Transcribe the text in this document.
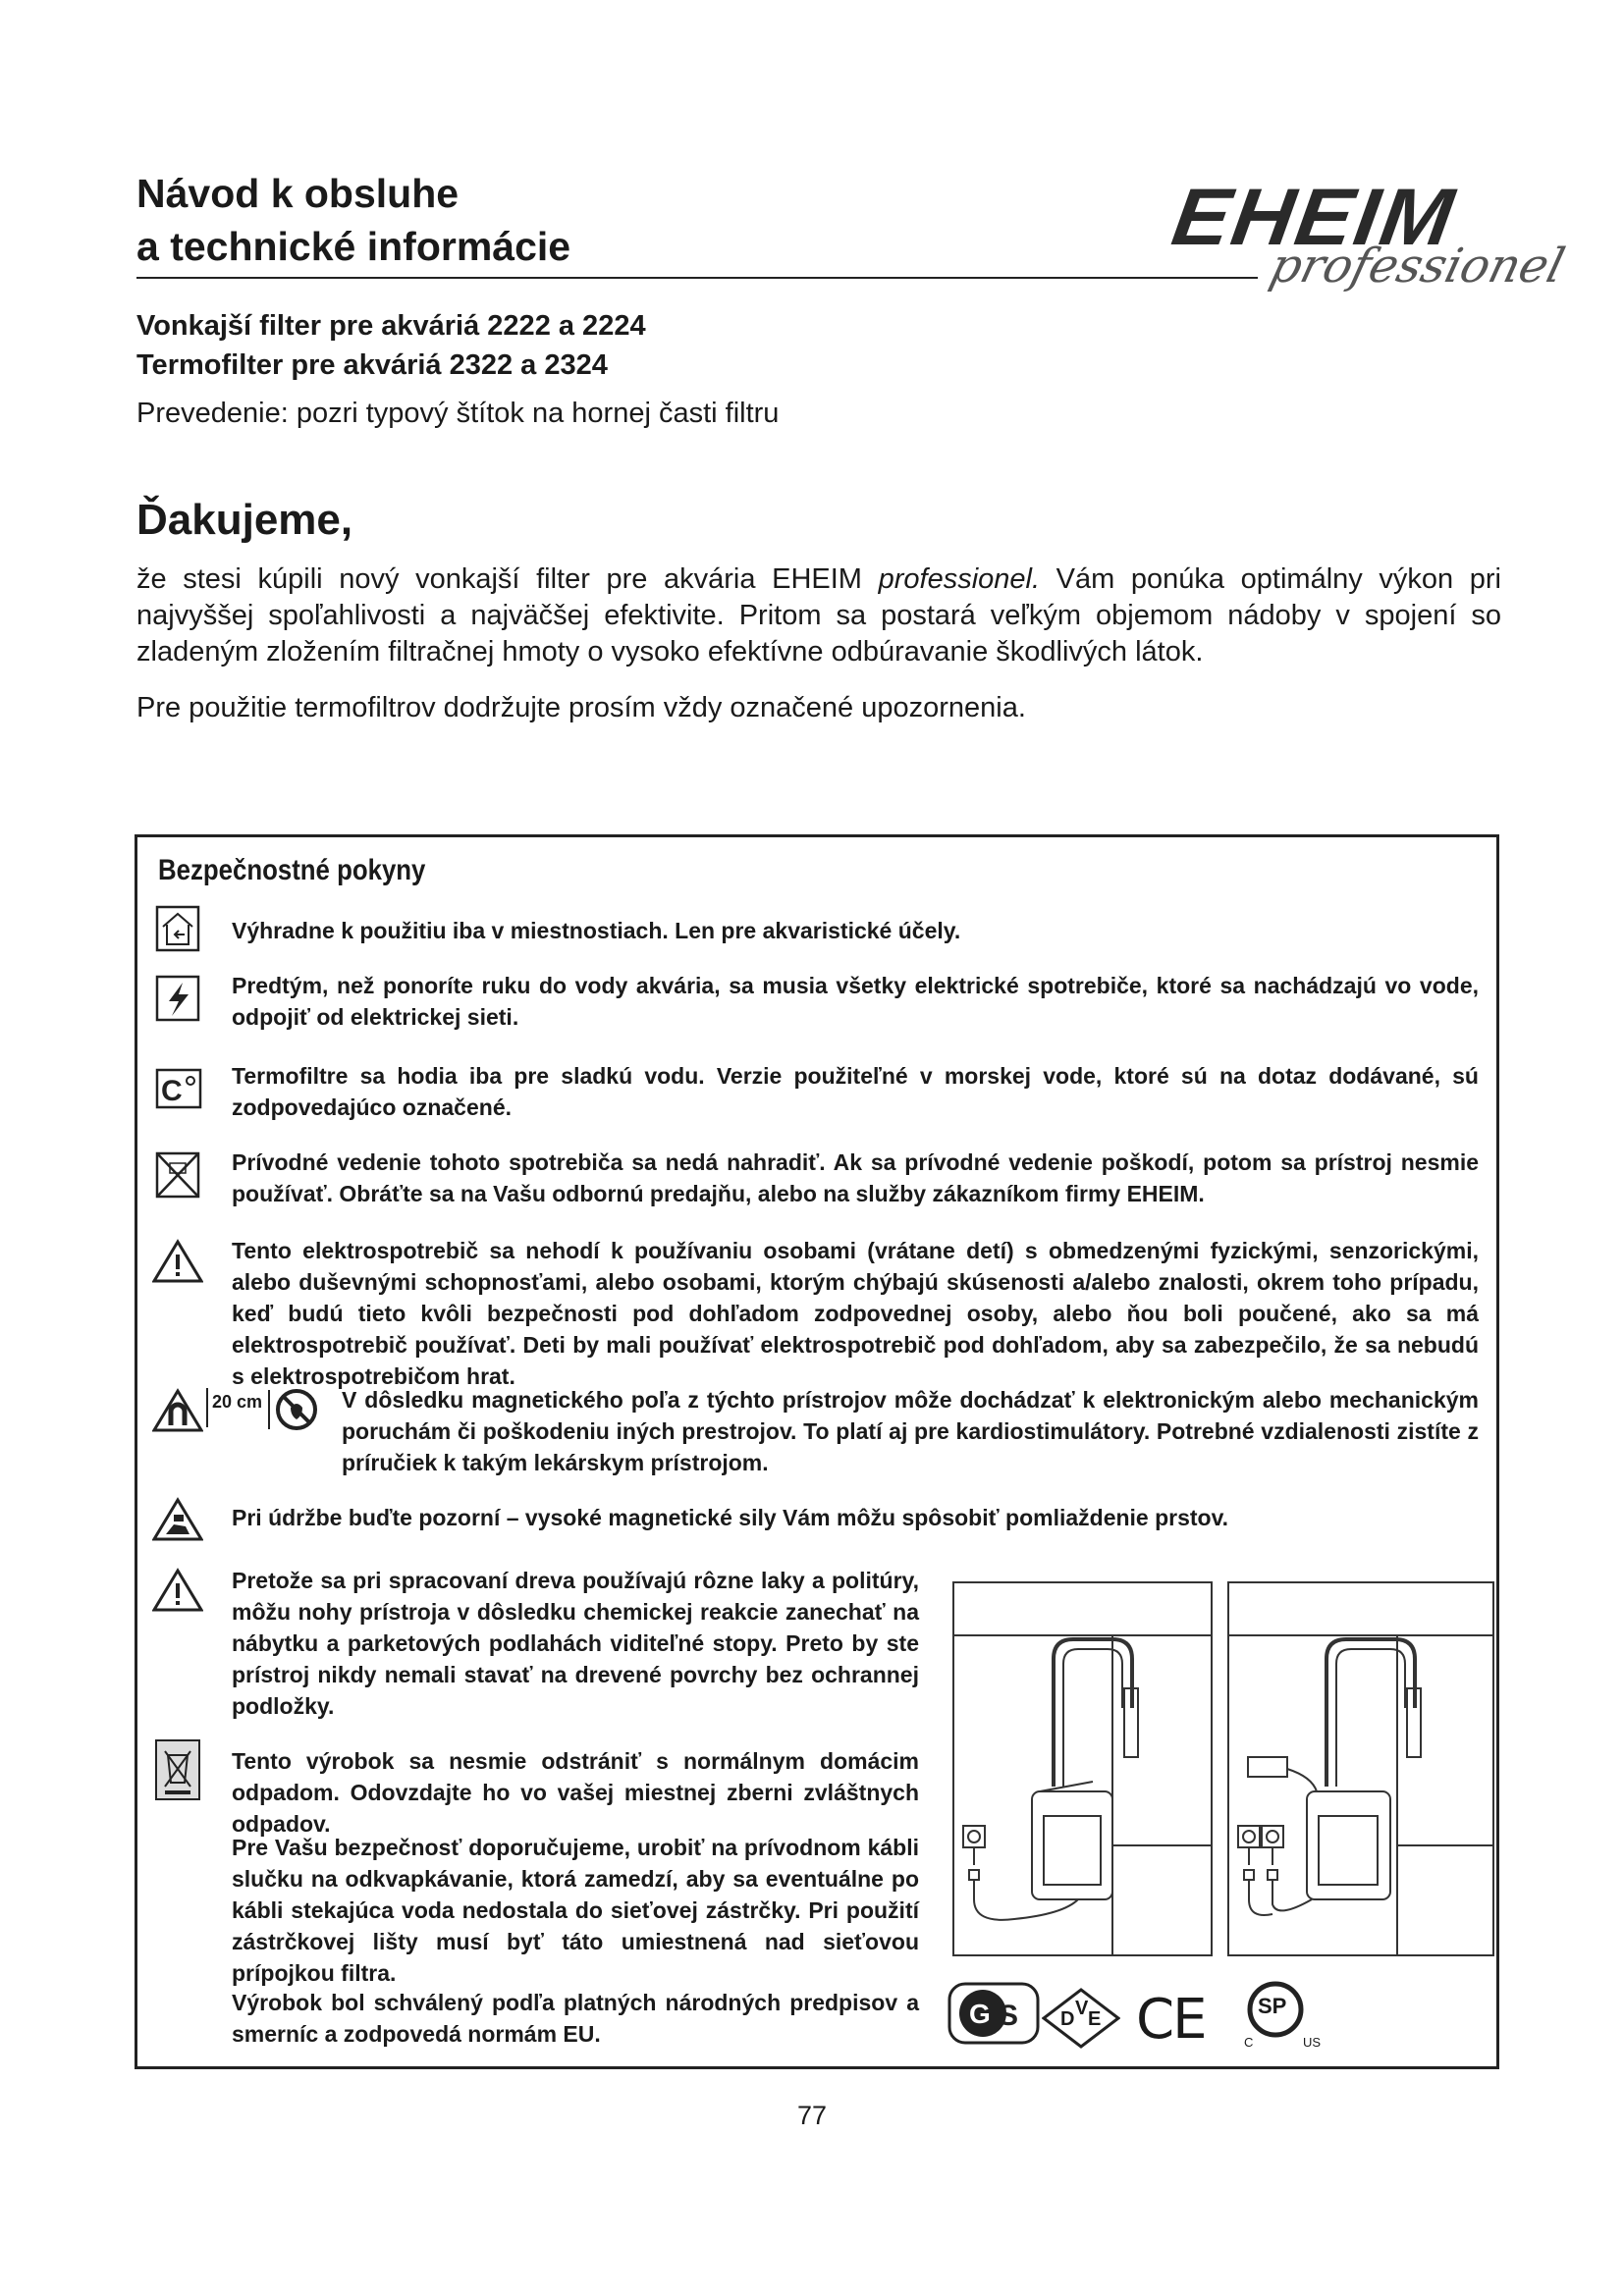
Návod k obsluhe
a technické informácie	EHEIM
professionel
Vonkajší filter pre akváriá 2222 a 2224
Termofilter pre akváriá 2322 a 2324
Prevedenie: pozri typový štítok na hornej časti filtru
Ďakujeme,
že stesi kúpili nový vonkajší filter pre akvária EHEIM professionel. Vám ponúka optimálny výkon pri najvyššej spoľahlivosti a najväčšej efektivite. Pritom sa postará veľkým objemom nádoby v spojení so zladeným zložením filtračnej hmoty o vysoko efektívne odbúravanie škodlivých látok.
Pre použitie termofiltrov dodržujte prosím vždy označené upozornenia.
Bezpečnostné pokyny
Výhradne k použitiu iba v miestnostiach. Len pre akvaristické účely.
Predtým, než ponoríte ruku do vody akvária, sa musia všetky elektrické spotrebiče, ktoré sa nachádzajú vo vode, odpojiť od elektrickej sieti.
C Termofiltre sa hodia iba pre sladkú vodu. Verzie použiteľné v morskej vode, ktoré sú na dotaz dodávané, sú zodpovedajúco označené.
Prívodné vedenie tohoto spotrebiča sa nedá nahradiť. Ak sa prívodné vedenie poškodí, potom sa prístroj nesmie používať. Obráťte sa na Vašu odbornú predajňu, alebo na služby zákazníkom firmy EHEIM.
Tento elektrospotrebič sa nehodí k používaniu osobami (vrátane detí) s obmedzenými fyzickými, senzorickými, alebo duševnými schopnosťami, alebo osobami, ktorým chýbajú skúsenosti a/alebo znalosti, okrem toho prípadu, keď budú tieto kvôli bezpečnosti pod dohľadom zodpovednej osoby, alebo ňou boli poučené, ako sa má elektrospotrebič používať. Deti by mali používať elektrospotrebič pod dohľadom, aby sa zabezpečilo, že sa nebudú s elektrospotrebičom hrat.
20 cm	V dôsledku magnetického poľa z týchto prístrojov môže dochádzať k elektronickým alebo mechanickým poruchám či poškodeniu iných prestrojov. To platí aj pre kardiostimulátory. Potrebné vzdialenosti zistíte z príručiek k takým lekárskym prístrojom.
Pri údržbe buďte pozorní – vysoké magnetické sily Vám môžu spôsobiť pomliaždenie prstov.
Pretože sa pri spracovaní dreva používajú rôzne laky a politúry, môžu nohy prístroja v dôsledku chemickej reakcie zanechať na nábytku a parketových podlahách viditeľné stopy. Preto by ste prístroj nikdy nemali stavať na drevené povrchy bez ochrannej podložky.
Tento výrobok sa nesmie odstrániť s normálnym domácim odpadom. Odovzdajte ho vo vašej miestnej zberni zvláštnych odpadov.
Pre Vašu bezpečnosť doporučujeme, urobiť na prívodnom kábli slučku na odkvapkávanie, ktorá zamedzí, aby sa eventuálne po kábli stekajúca voda nedostala do sieťovej zástrčky. Pri použití zástrčkovej lišty musí byť táto umiestnená nad sieťovou prípojkou filtra.
Výrobok bol schválený podľa platných národných predpisov a smerníc a zodpovedá normám EU.
G S D V E CE SP
C	US
77
